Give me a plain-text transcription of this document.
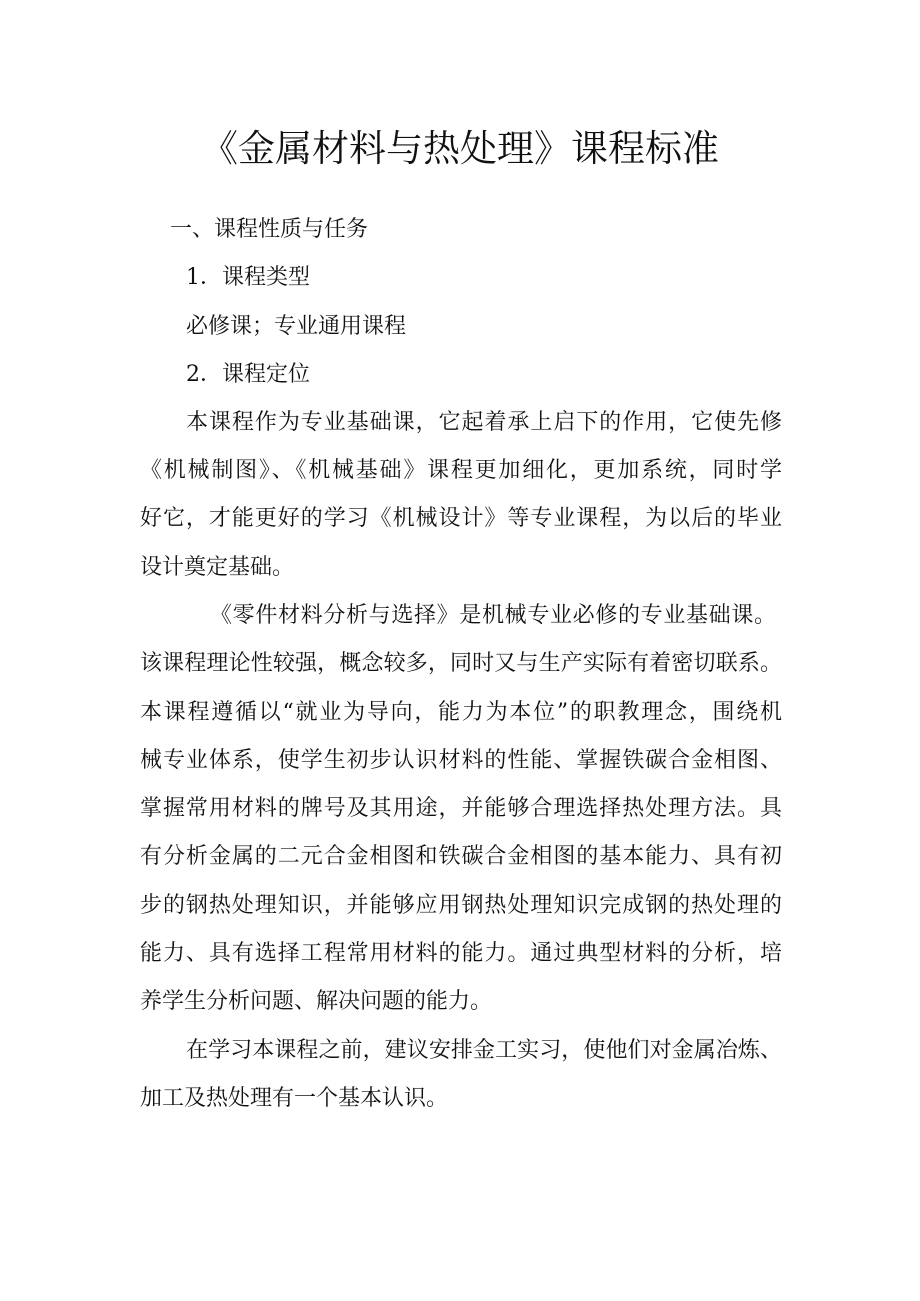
《金属材料与热处理》课程标准

一、课程性质与任务

1．课程类型

必修课；专业通用课程

2．课程定位

本课程作为专业基础课，它起着承上启下的作用，它使先修

《机械制图》、《机械基础》课程更加细化，更加系统，同时学

好它，才能更好的学习《机械设计》等专业课程，为以后的毕业

设计奠定基础。

《零件材料分析与选择》是机械专业必修的专业基础课。

该课程理论性较强，概念较多，同时又与生产实际有着密切联系。

本课程遵循以“就业为导向，能力为本位”的职教理念，围绕机

械专业体系，使学生初步认识材料的性能、掌握铁碳合金相图、

掌握常用材料的牌号及其用途，并能够合理选择热处理方法。具

有分析金属的二元合金相图和铁碳合金相图的基本能力、具有初

步的钢热处理知识，并能够应用钢热处理知识完成钢的热处理的

能力、具有选择工程常用材料的能力。通过典型材料的分析，培

养学生分析问题、解决问题的能力。

在学习本课程之前，建议安排金工实习，使他们对金属冶炼、

加工及热处理有一个基本认识。
